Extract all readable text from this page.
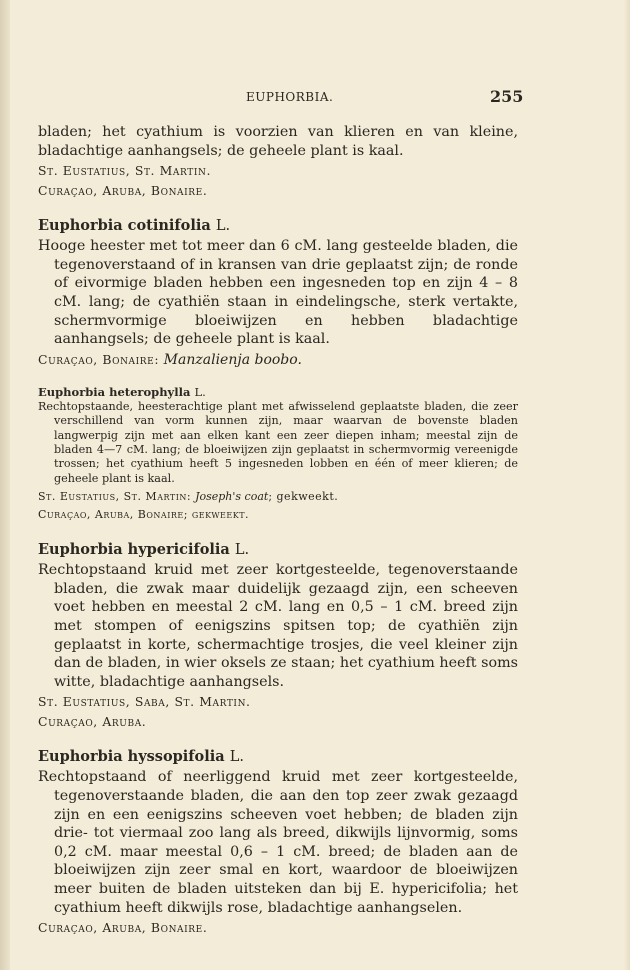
EUPHORBIA.	255

bladen; het cyathium is voorzien van klieren en van kleine, bladachtige aanhangsels; de geheele plant is kaal.

St. Eustatius, St. Martin.

Curaçao, Aruba, Bonaire.

Euphorbia cotinifolia L.

Hooge heester met tot meer dan 6 cM. lang gesteelde bladen, die tegenoverstaand of in kransen van drie geplaatst zijn; de ronde of eivormige bladen hebben een ingesneden top en zijn 4 – 8 cM. lang; de cyathiën staan in eindelingsche, sterk vertakte, schermvormige bloeiwijzen en hebben bladachtige aanhangsels; de geheele plant is kaal.

Curaçao, Bonaire: Manzalienja boobo.

Euphorbia heterophylla L.

Rechtopstaande, heesterachtige plant met afwisselend geplaatste bladen, die zeer verschillend van vorm kunnen zijn, maar waarvan de bovenste bladen langwerpig zijn met aan elken kant een zeer diepen inham; meestal zijn de bladen 4—7 cM. lang; de bloeiwijzen zijn geplaatst in schermvormig vereenigde trossen; het cyathium heeft 5 ingesneden lobben en één of meer klieren; de geheele plant is kaal.

St. Eustatius, St. Martin: Joseph's coat; gekweekt.

Curaçao, Aruba, Bonaire; gekweekt.

Euphorbia hypericifolia L.

Rechtopstaand kruid met zeer kortgesteelde, tegenoverstaande bladen, die zwak maar duidelijk gezaagd zijn, een scheeven voet hebben en meestal 2 cM. lang en 0,5 – 1 cM. breed zijn met stompen of eenigszins spitsen top; de cyathiën zijn geplaatst in korte, schermachtige trosjes, die veel kleiner zijn dan de bladen, in wier oksels ze staan; het cyathium heeft soms witte, bladachtige aanhangsels.

St. Eustatius, Saba, St. Martin.

Curaçao, Aruba.

Euphorbia hyssopifolia L.

Rechtopstaand of neerliggend kruid met zeer kortgesteelde, tegenoverstaande bladen, die aan den top zeer zwak gezaagd zijn en een eenigszins scheeven voet hebben; de bladen zijn drie- tot viermaal zoo lang als breed, dikwijls lijnvormig, soms 0,2 cM. maar meestal 0,6 – 1 cM. breed; de bladen aan de bloeiwijzen zijn zeer smal en kort, waardoor de bloeiwijzen meer buiten de bladen uitsteken dan bij E. hypericifolia; het cyathium heeft dikwijls rose, bladachtige aanhangselen.

Curaçao, Aruba, Bonaire.
